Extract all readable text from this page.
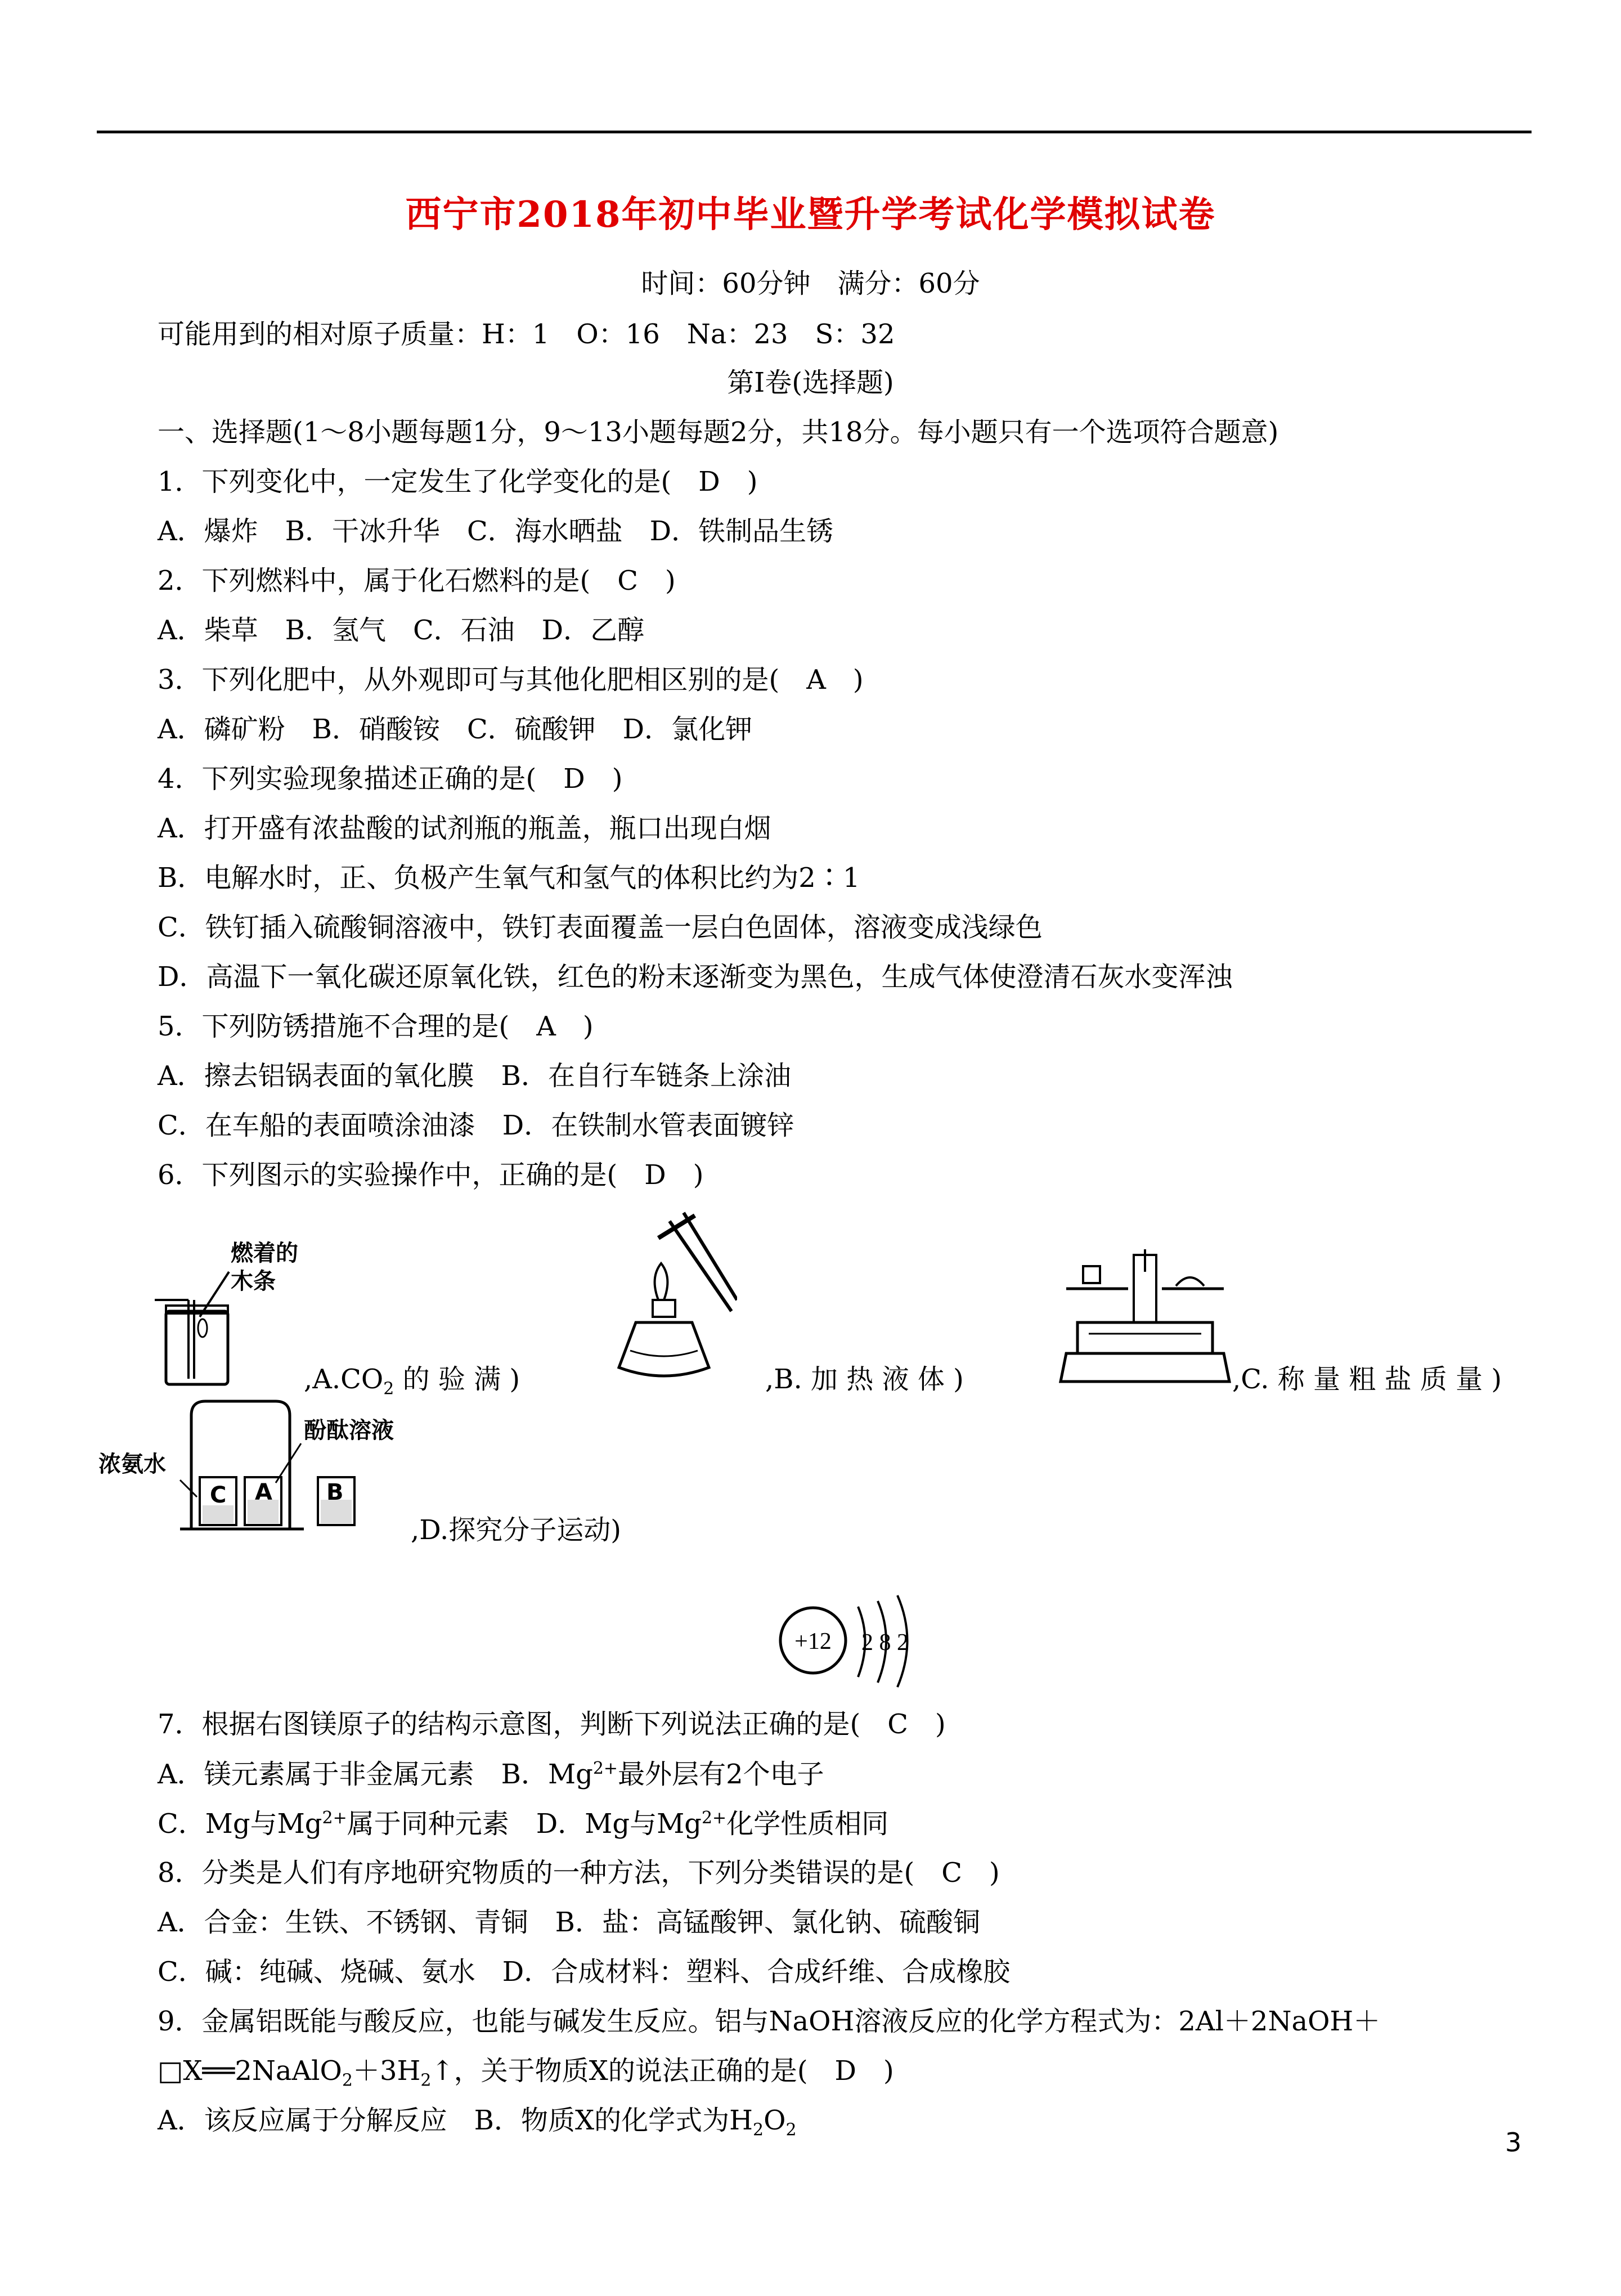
西宁市2018年初中毕业暨升学考试化学模拟试卷
时间：60分钟　满分：60分
可能用到的相对原子质量：H：1　O：16　Na：23　S：32
第Ⅰ卷(选择题)
一、选择题(1～8小题每题1分，9～13小题每题2分，共18分。每小题只有一个选项符合题意)
1．下列变化中，一定发生了化学变化的是(　D　)
A．爆炸　B．干冰升华　C．海水晒盐　D．铁制品生锈
2．下列燃料中，属于化石燃料的是(　C　)
A．柴草　B．氢气　C．石油　D．乙醇
3．下列化肥中，从外观即可与其他化肥相区别的是(　A　)
A．磷矿粉　B．硝酸铵　C．硫酸钾　D．氯化钾
4．下列实验现象描述正确的是(　D　)
A．打开盛有浓盐酸的试剂瓶的瓶盖，瓶口出现白烟
B．电解水时，正、负极产生氧气和氢气的体积比约为2∶1
C．铁钉插入硫酸铜溶液中，铁钉表面覆盖一层白色固体，溶液变成浅绿色
D．高温下一氧化碳还原氧化铁，红色的粉末逐渐变为黑色，生成气体使澄清石灰水变浑浊
5．下列防锈措施不合理的是(　A　)
A．擦去铝锅表面的氧化膜　B．在自行车链条上涂油
C．在车船的表面喷涂油漆　D．在铁制水管表面镀锌
6．下列图示的实验操作中，正确的是(　D　)
燃着的
木条
$,A.CO_2$ 的 验 满 )	,B. 加 热 液 体 )	,C. 称 量 粗 盐 质 量 )
浓氨水
酚酞溶液
C A B
,D.探究分子运动)
+12 2 8 2
7．根据右图镁原子的结构示意图，判断下列说法正确的是(　C　)
A．镁元素属于非金属元素　B．$Mg^{2+}$最外层有2个电子
C．Mg与$Mg^{2+}$属于同种元素　D．Mg与$Mg^{2+}$化学性质相同
8．分类是人们有序地研究物质的一种方法，下列分类错误的是(　C　)
A．合金：生铁、不锈钢、青铜　B．盐：高锰酸钾、氯化钠、硫酸铜
C．碱：纯碱、烧碱、氨水　D．合成材料：塑料、合成纤维、合成橡胶
9．金属铝既能与酸反应，也能与碱发生反应。铝与NaOH溶液反应的化学方程式为：2Al＋2NaOH＋
$□X══2NaAlO_2+3H_2↑$，关于物质X的说法正确的是(　D　)
A．该反应属于分解反应　B．物质X的化学式为$H_2O_2$	3
